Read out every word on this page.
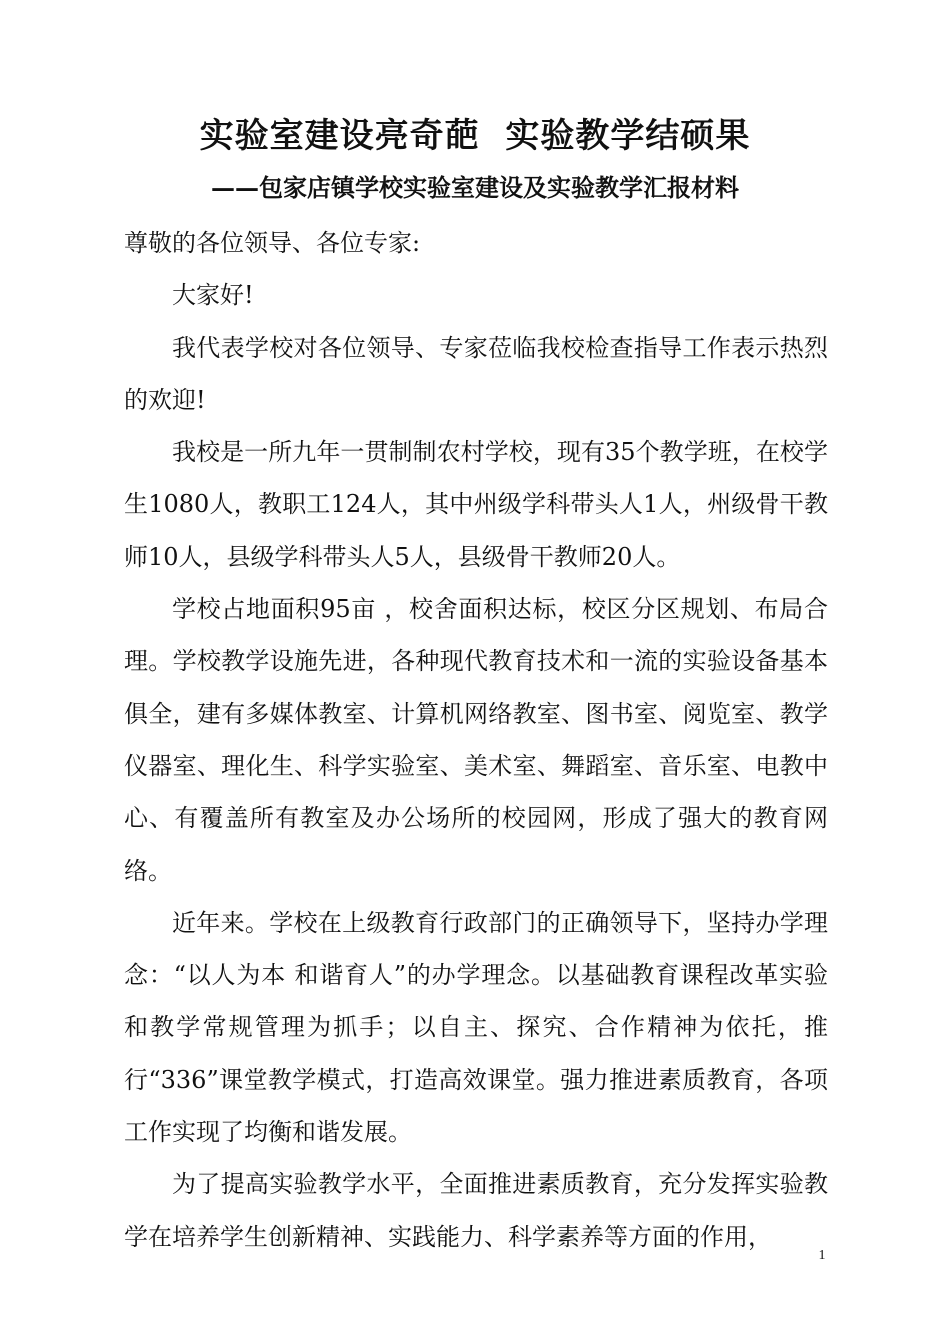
实验室建设亮奇葩  实验教学结硕果
——包家店镇学校实验室建设及实验教学汇报材料

尊敬的各位领导、各位专家:

大家好!

我代表学校对各位领导、专家莅临我校检查指导工作表示热烈的欢迎!

我校是一所九年一贯制制农村学校，现有35个教学班，在校学生1080人，教职工124人，其中州级学科带头人1人，州级骨干教师10人，县级学科带头人5人，县级骨干教师20人。

学校占地面积95亩 ，校舍面积达标，校区分区规划、布局合理。学校教学设施先进，各种现代教育技术和一流的实验设备基本俱全，建有多媒体教室、计算机网络教室、图书室、阅览室、教学仪器室、理化生、科学实验室、美术室、舞蹈室、音乐室、电教中心、有覆盖所有教室及办公场所的校园网，形成了强大的教育网络。

近年来。学校在上级教育行政部门的正确领导下，坚持办学理念：“以人为本 和谐育人”的办学理念。以基础教育课程改革实验和教学常规管理为抓手；以自主、探究、合作精神为依托，推行“336”课堂教学模式，打造高效课堂。强力推进素质教育，各项工作实现了均衡和谐发展。

为了提高实验教学水平，全面推进素质教育，充分发挥实验教学在培养学生创新精神、实践能力、科学素养等方面的作用，

1
